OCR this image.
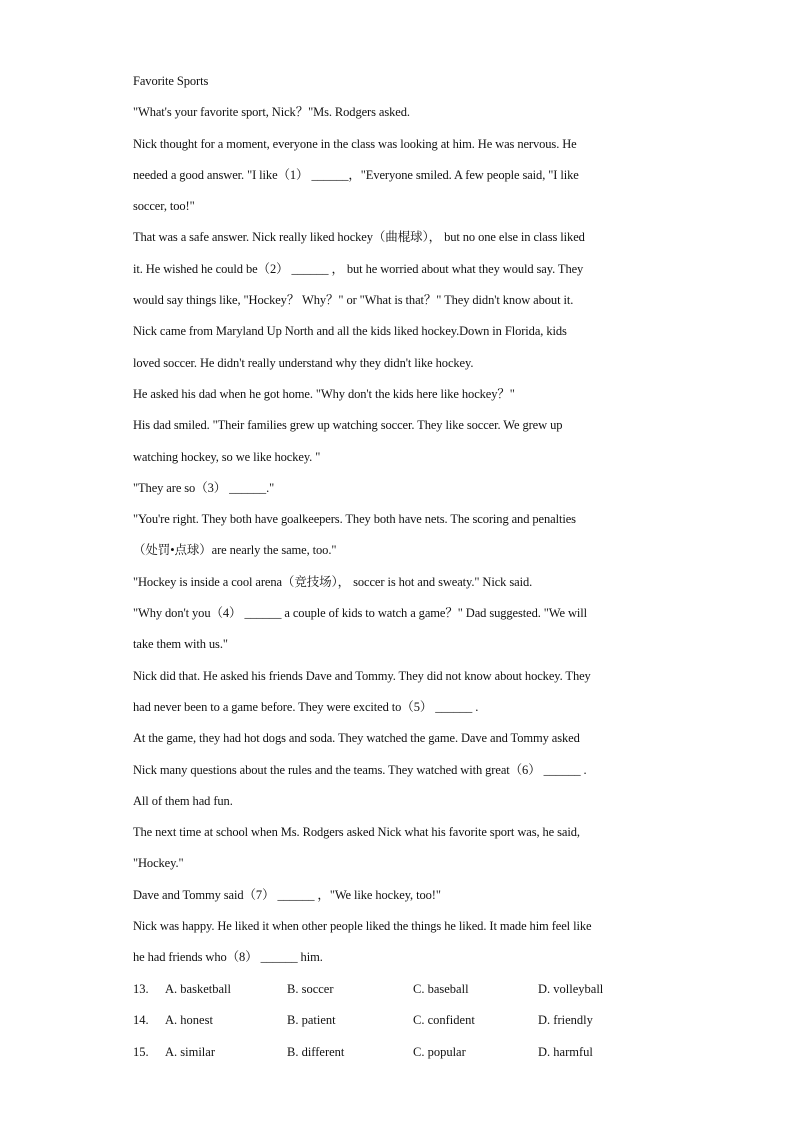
Favorite Sports
"What's your favorite sport, Nick？"Ms. Rodgers asked.
Nick thought for a moment, everyone in the class was looking at him. He was nervous. He
needed a good answer. "I like（1） ______，"Everyone smiled. A few people said, "I like
soccer, too!"
That was a safe answer. Nick really liked hockey（曲棍球）， but no one else in class liked
it. He wished he could be（2） ______ ， but he worried about what they would say. They
would say things like, "Hockey？ Why？" or "What is that？" They didn't know about it.
Nick came from Maryland Up North and all the kids liked hockey.Down in Florida, kids
loved soccer. He didn't really understand why they didn't like hockey.
He asked his dad when he got home. "Why don't the kids here like hockey？"
His dad smiled. "Their families grew up watching soccer. They like soccer. We grew up
watching hockey, so we like hockey. "
"They are so（3） ______."
"You're right. They both have goalkeepers. They both have nets. The scoring and penalties
（处罚•点球）are nearly the same, too."
"Hockey is inside a cool arena（竞技场）， soccer is hot and sweaty." Nick said.
"Why don't you（4） ______ a couple of kids to watch a game？" Dad suggested. "We will
take them with us."
Nick did that. He asked his friends Dave and Tommy. They did not know about hockey. They
had never been to a game before. They were excited to（5） ______ .
At the game, they had hot dogs and soda. They watched the game. Dave and Tommy asked
Nick many questions about the rules and the teams. They watched with great（6） ______ .
All of them had fun.
The next time at school when Ms. Rodgers asked Nick what his favorite sport was, he said,
"Hockey."
Dave and Tommy said（7） ______ ，"We like hockey, too!"
Nick was happy. He liked it when other people liked the things he liked. It made him feel like
he had friends who（8） ______ him.
13. A. basketball	B. soccer	C. baseball	D. volleyball
14. A. honest	B. patient	C. confident	D. friendly
15. A. similar	B. different	C. popular	D. harmful
